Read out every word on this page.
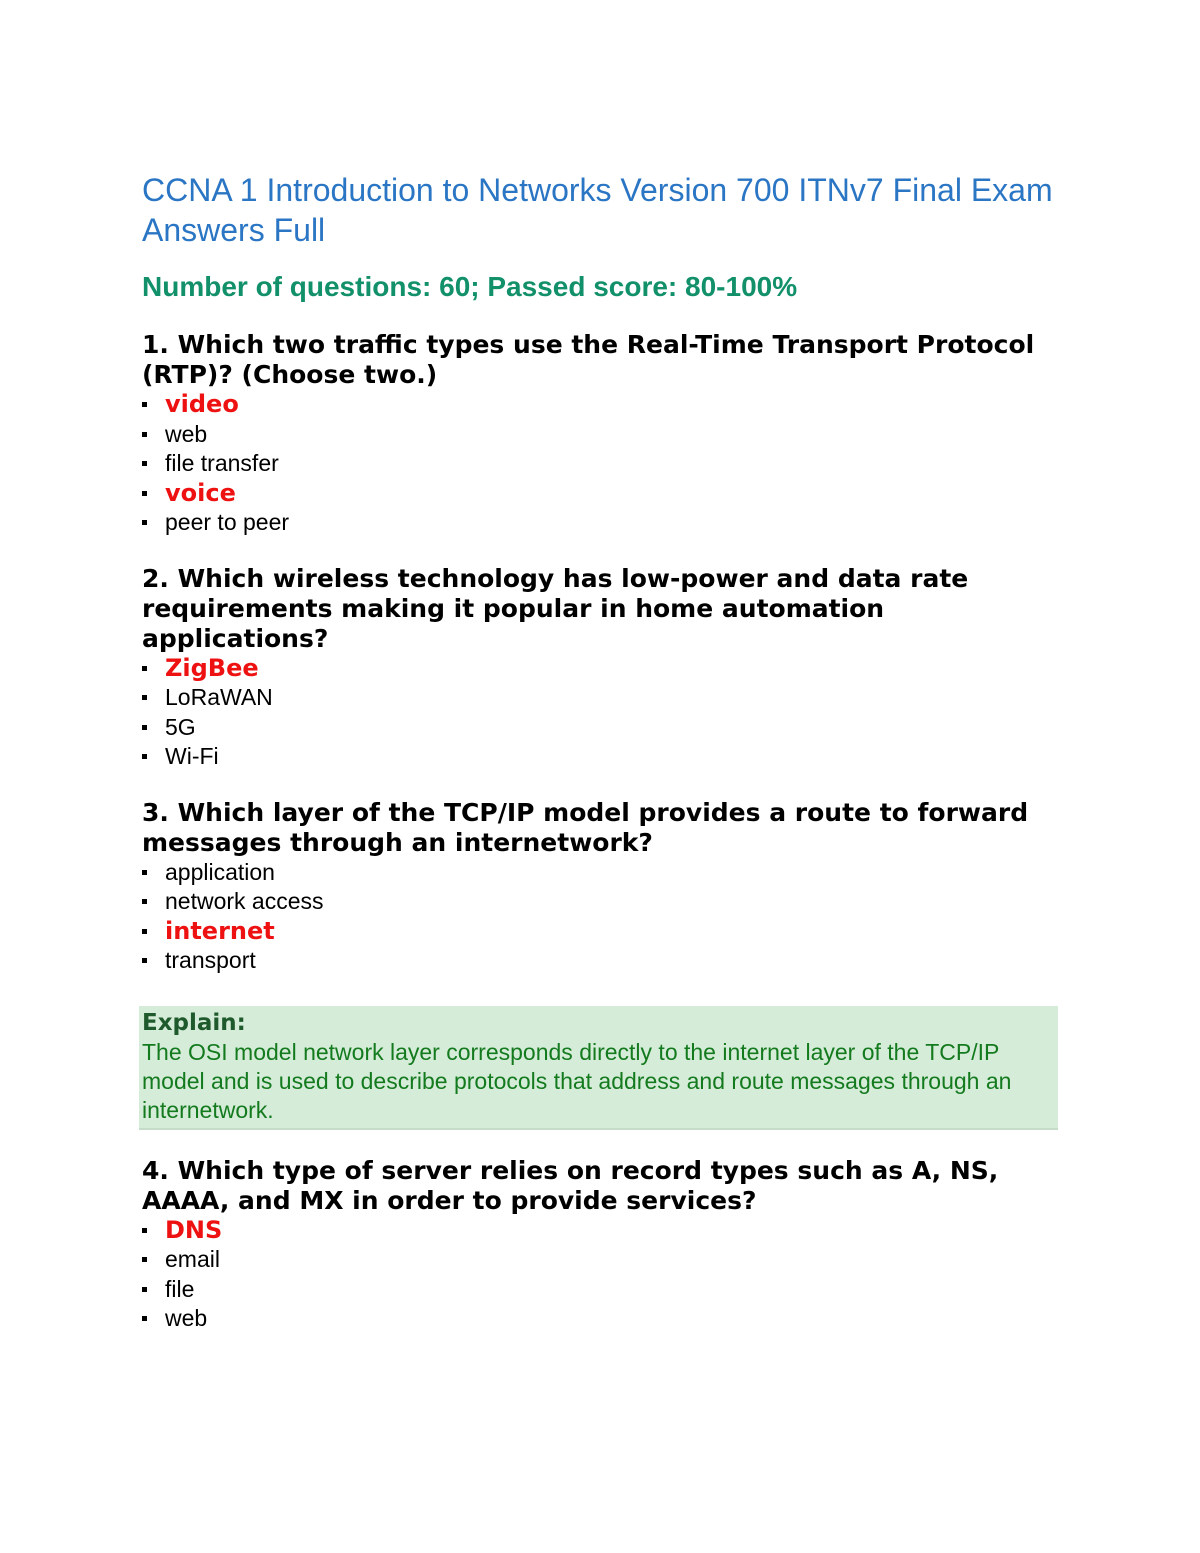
CCNA 1 Introduction to Networks Version 700 ITNv7 Final Exam Answers Full
Number of questions: 60; Passed score: 80-100%

1. Which two traffic types use the Real-Time Transport Protocol (RTP)? (Choose two.)

video
web
file transfer
voice
peer to peer

2. Which wireless technology has low-power and data rate requirements making it popular in home automation applications?

ZigBee
LoRaWAN
5G
Wi-Fi

3. Which layer of the TCP/IP model provides a route to forward messages through an internetwork?

application
network access
internet
transport
Explain:
The OSI model network layer corresponds directly to the internet layer of the TCP/IP model and is used to describe protocols that address and route messages through an internetwork.

4. Which type of server relies on record types such as A, NS, AAAA, and MX in order to provide services?

DNS
email
file
web
